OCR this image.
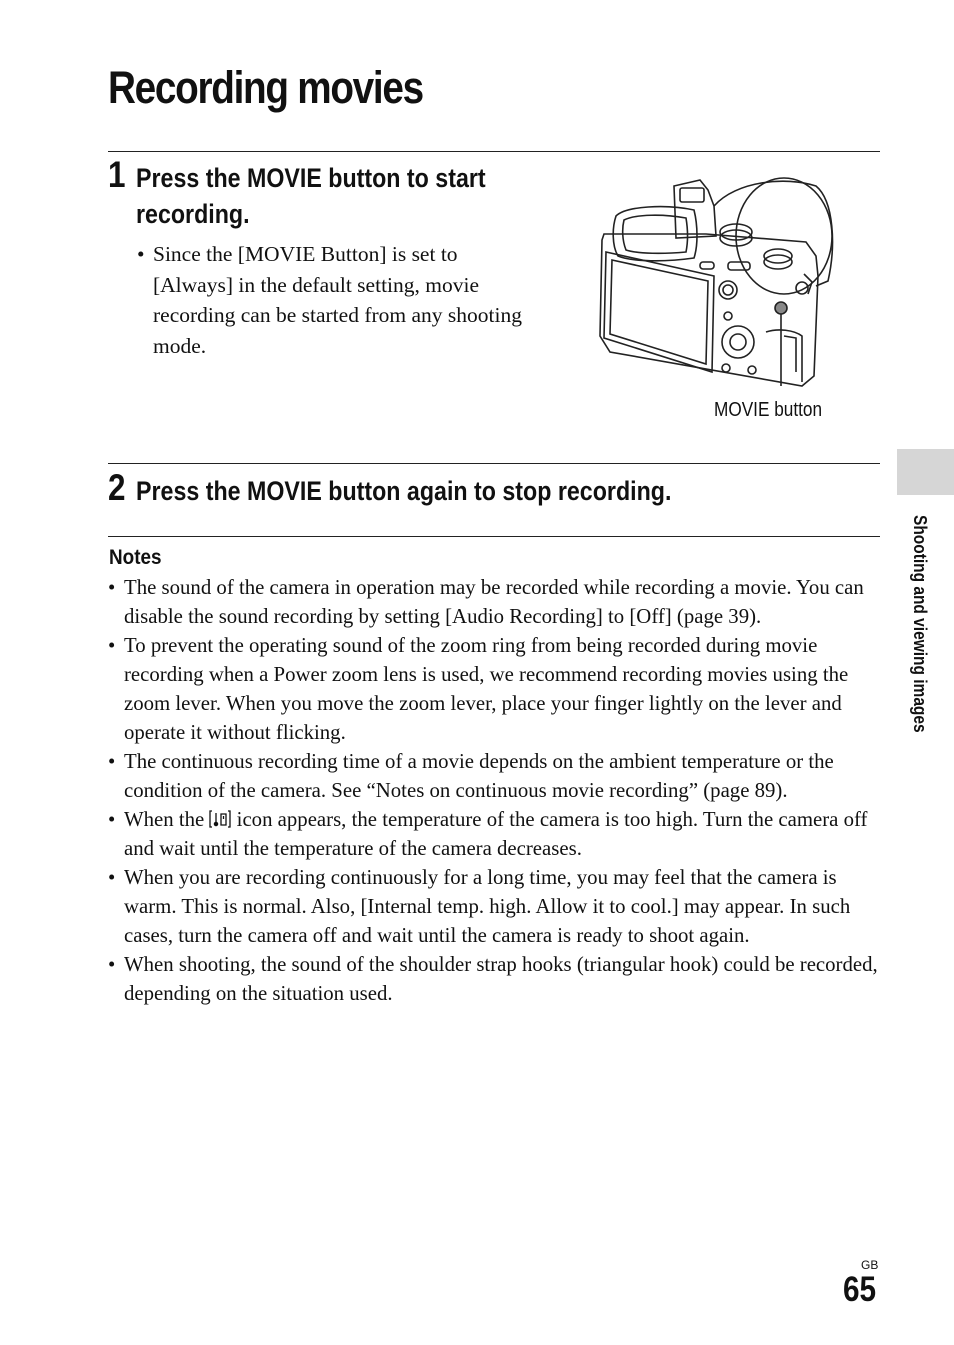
Recording movies
1 Press the MOVIE button to start
recording.
• Since the [MOVIE Button] is set to [Always] in the default setting, movie recording can be started from any shooting mode.
MOVIE button
2 Press the MOVIE button again to stop recording.
Notes
• The sound of the camera in operation may be recorded while recording a movie. You can disable the sound recording by setting [Audio Recording] to [Off] (page 39).
• To prevent the operating sound of the zoom ring from being recorded during movie recording when a Power zoom lens is used, we recommend recording movies using the zoom lever. When you move the zoom lever, place your finger lightly on the lever and operate it without flicking.
• The continuous recording time of a movie depends on the ambient temperature or the condition of the camera. See “Notes on continuous movie recording” (page 89).
• When the icon appears, the temperature of the camera is too high. Turn the camera off and wait until the temperature of the camera decreases.
• When you are recording continuously for a long time, you may feel that the camera is warm. This is normal. Also, [Internal temp. high. Allow it to cool.] may appear. In such cases, turn the camera off and wait until the camera is ready to shoot again.
• When shooting, the sound of the shoulder strap hooks (triangular hook) could be recorded, depending on the situation used.
Shooting and viewing images
GB
65
